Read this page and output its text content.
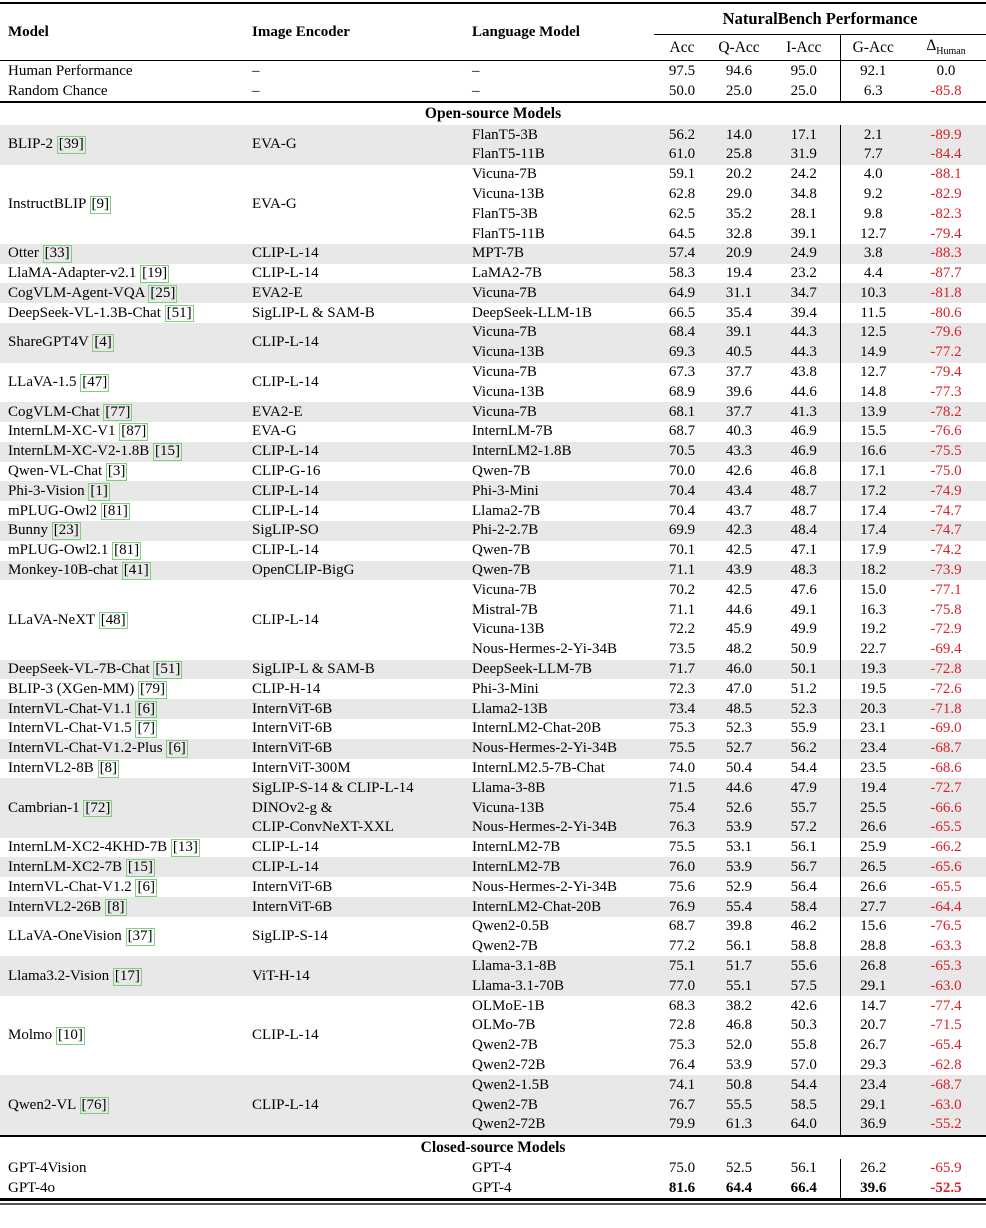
Model	Image Encoder	Language Model	NaturalBench Performance				
			Acc	Q-Acc	I-Acc	G-Acc	$\Delta_{Human}$
Human Performance	–	–	97.5	94.6	95.0	92.1	0.0
Random Chance	–	–	50.0	25.0	25.0	6.3	-85.8
Open-source Models							
BLIP-2 [39]	EVA-G	FlanT5-3B	56.2	14.0	17.1	2.1	-89.9
		FlanT5-11B	61.0	25.8	31.9	7.7	-84.4
InstructBLIP [9]	EVA-G	Vicuna-7B	59.1	20.2	24.2	4.0	-88.1
		Vicuna-13B	62.8	29.0	34.8	9.2	-82.9
		FlanT5-3B	62.5	35.2	28.1	9.8	-82.3
		FlanT5-11B	64.5	32.8	39.1	12.7	-79.4
Otter [33]	CLIP-L-14	MPT-7B	57.4	20.9	24.9	3.8	-88.3
LlaMA-Adapter-v2.1 [19]	CLIP-L-14	LaMA2-7B	58.3	19.4	23.2	4.4	-87.7
CogVLM-Agent-VQA [25]	EVA2-E	Vicuna-7B	64.9	31.1	34.7	10.3	-81.8
DeepSeek-VL-1.3B-Chat [51]	SigLIP-L & SAM-B	DeepSeek-LLM-1B	66.5	35.4	39.4	11.5	-80.6
ShareGPT4V [4]	CLIP-L-14	Vicuna-7B	68.4	39.1	44.3	12.5	-79.6
		Vicuna-13B	69.3	40.5	44.3	14.9	-77.2
LLaVA-1.5 [47]	CLIP-L-14	Vicuna-7B	67.3	37.7	43.8	12.7	-79.4
		Vicuna-13B	68.9	39.6	44.6	14.8	-77.3
CogVLM-Chat [77]	EVA2-E	Vicuna-7B	68.1	37.7	41.3	13.9	-78.2
InternLM-XC-V1 [87]	EVA-G	InternLM-7B	68.7	40.3	46.9	15.5	-76.6
InternLM-XC-V2-1.8B [15]	CLIP-L-14	InternLM2-1.8B	70.5	43.3	46.9	16.6	-75.5
Qwen-VL-Chat [3]	CLIP-G-16	Qwen-7B	70.0	42.6	46.8	17.1	-75.0
Phi-3-Vision [1]	CLIP-L-14	Phi-3-Mini	70.4	43.4	48.7	17.2	-74.9
mPLUG-Owl2 [81]	CLIP-L-14	Llama2-7B	70.4	43.7	48.7	17.4	-74.7
Bunny [23]	SigLIP-SO	Phi-2-2.7B	69.9	42.3	48.4	17.4	-74.7
mPLUG-Owl2.1 [81]	CLIP-L-14	Qwen-7B	70.1	42.5	47.1	17.9	-74.2
Monkey-10B-chat [41]	OpenCLIP-BigG	Qwen-7B	71.1	43.9	48.3	18.2	-73.9
LLaVA-NeXT [48]	CLIP-L-14	Vicuna-7B	70.2	42.5	47.6	15.0	-77.1
		Mistral-7B	71.1	44.6	49.1	16.3	-75.8
		Vicuna-13B	72.2	45.9	49.9	19.2	-72.9
		Nous-Hermes-2-Yi-34B	73.5	48.2	50.9	22.7	-69.4
DeepSeek-VL-7B-Chat [51]	SigLIP-L & SAM-B	DeepSeek-LLM-7B	71.7	46.0	50.1	19.3	-72.8
BLIP-3 (XGen-MM) [79]	CLIP-H-14	Phi-3-Mini	72.3	47.0	51.2	19.5	-72.6
InternVL-Chat-V1.1 [6]	InternViT-6B	Llama2-13B	73.4	48.5	52.3	20.3	-71.8
InternVL-Chat-V1.5 [7]	InternViT-6B	InternLM2-Chat-20B	75.3	52.3	55.9	23.1	-69.0
InternVL-Chat-V1.2-Plus [6]	InternViT-6B	Nous-Hermes-2-Yi-34B	75.5	52.7	56.2	23.4	-68.7
InternVL2-8B [8]	InternViT-300M	InternLM2.5-7B-Chat	74.0	50.4	54.4	23.5	-68.6
Cambrian-1 [72]	SigLIP-S-14 & CLIP-L-14	Llama-3-8B	71.5	44.6	47.9	19.4	-72.7
	DINOv2-g &	Vicuna-13B	75.4	52.6	55.7	25.5	-66.6
	CLIP-ConvNeXT-XXL	Nous-Hermes-2-Yi-34B	76.3	53.9	57.2	26.6	-65.5
InternLM-XC2-4KHD-7B [13]	CLIP-L-14	InternLM2-7B	75.5	53.1	56.1	25.9	-66.2
InternLM-XC2-7B [15]	CLIP-L-14	InternLM2-7B	76.0	53.9	56.7	26.5	-65.6
InternVL-Chat-V1.2 [6]	InternViT-6B	Nous-Hermes-2-Yi-34B	75.6	52.9	56.4	26.6	-65.5
InternVL2-26B [8]	InternViT-6B	InternLM2-Chat-20B	76.9	55.4	58.4	27.7	-64.4
LLaVA-OneVision [37]	SigLIP-S-14	Qwen2-0.5B	68.7	39.8	46.2	15.6	-76.5
		Qwen2-7B	77.2	56.1	58.8	28.8	-63.3
Llama3.2-Vision [17]	ViT-H-14	Llama-3.1-8B	75.1	51.7	55.6	26.8	-65.3
		Llama-3.1-70B	77.0	55.1	57.5	29.1	-63.0
Molmo [10]	CLIP-L-14	OLMoE-1B	68.3	38.2	42.6	14.7	-77.4
		OLMo-7B	72.8	46.8	50.3	20.7	-71.5
		Qwen2-7B	75.3	52.0	55.8	26.7	-65.4
		Qwen2-72B	76.4	53.9	57.0	29.3	-62.8
Qwen2-VL [76]	CLIP-L-14	Qwen2-1.5B	74.1	50.8	54.4	23.4	-68.7
		Qwen2-7B	76.7	55.5	58.5	29.1	-63.0
		Qwen2-72B	79.9	61.3	64.0	36.9	-55.2
Closed-source Models							
GPT-4Vision		GPT-4	75.0	52.5	56.1	26.2	-65.9
GPT-4o		GPT-4	81.6	64.4	66.4	39.6	-52.5
